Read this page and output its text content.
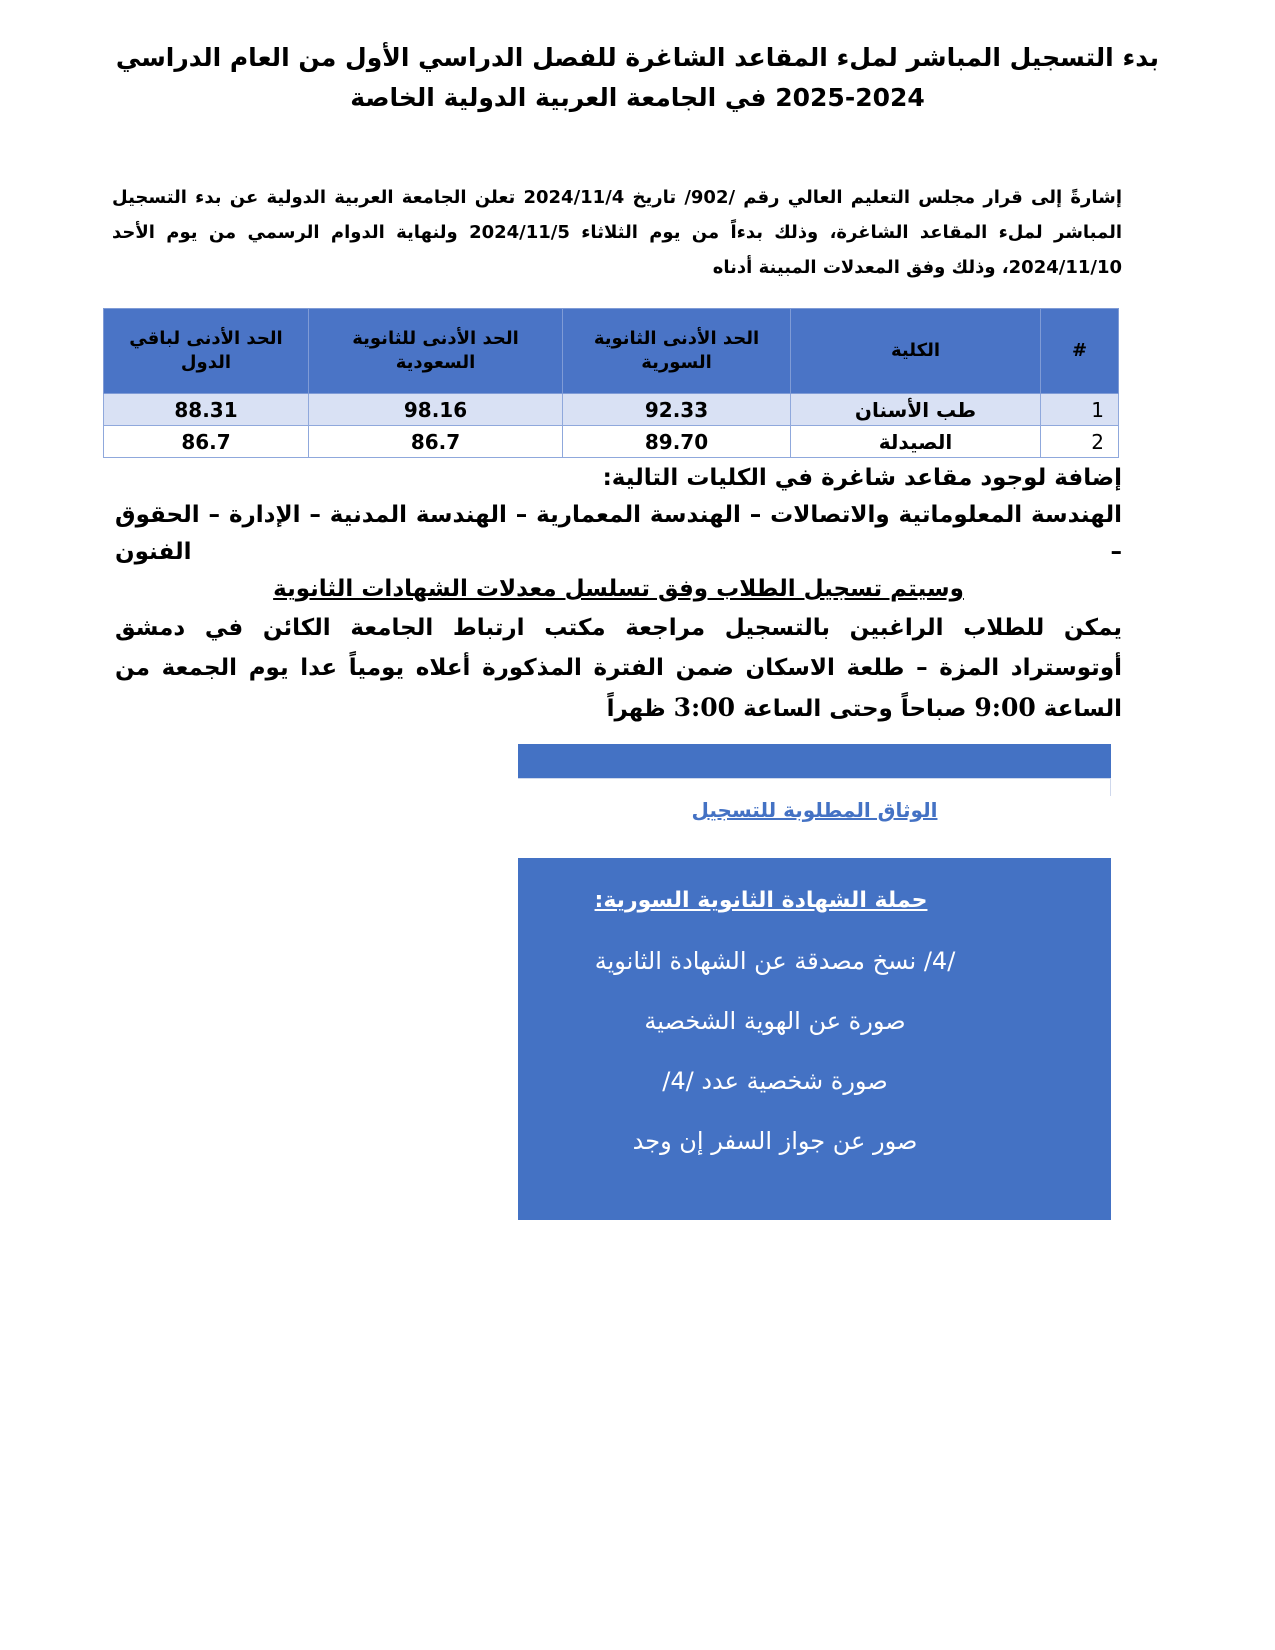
بدء التسجيل المباشر لملء المقاعد الشاغرة للفصل الدراسي الأول من العام الدراسي 2024-2025 في الجامعة العربية الدولية الخاصة
إشارةً إلى قرار مجلس التعليم العالي رقم /902/ تاريخ 2024/11/4 تعلن الجامعة العربية الدولية عن بدء التسجيل المباشر لملء المقاعد الشاغرة، وذلك بدءاً من يوم الثلاثاء 2024/11/5 ولنهاية الدوام الرسمي من يوم الأحد 2024/11/10، وذلك وفق المعدلات المبينة أدناه
#	الكلية	الحد الأدنى الثانوية السورية	الحد الأدنى للثانوية السعودية	الحد الأدنى لباقي الدول
1	طب الأسنان	92.33	98.16	88.31
2	الصيدلة	89.70	86.7	86.7

إضافة لوجود مقاعد شاغرة في الكليات التالية:

الهندسة المعلوماتية والاتصالات – الهندسة المعمارية – الهندسة المدنية – الإدارة – الحقوق – الفنون

وسيتم تسجيل الطلاب وفق تسلسل معدلات الشهادات الثانوية

يمكن للطلاب الراغبين بالتسجيل مراجعة مكتب ارتباط الجامعة الكائن في دمشق أوتوستراد المزة – طلعة الاسكان ضمن الفترة المذكورة أعلاه يومياً عدا يوم الجمعة من الساعة 9:00 صباحاً وحتى الساعة 3:00 ظهراً

الوثاق المطلوبة للتسجيل
حملة الشهادة الثانوية السورية:
/4/ نسخ مصدقة عن الشهادة الثانوية
صورة عن الهوية الشخصية
صورة شخصية عدد /4/
صور عن جواز السفر إن وجد
